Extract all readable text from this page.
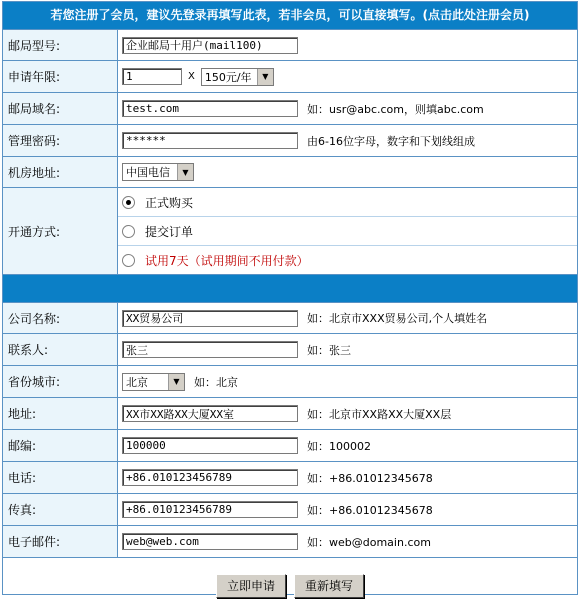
若您注册了会员，建议先登录再填写此表，若非会员，可以直接填写。(点击此处注册会员)
邮局型号:	企业邮局十用户(mail100)
申请年限:	1	X 150元/年	▼
邮局域名:	test.com	如：usr@abc.com，则填abc.com
管理密码:	******	由6-16位字母，数字和下划线组成
机房地址:	中国电信	▼
开通方式:
正式购买
提交订单
试用7天（试用期间不用付款）
公司名称:	XX贸易公司	如：北京市XXX贸易公司,个人填姓名
联系人:	张三	如：张三
省份城市:	北京	▼	如：北京
地址:	XX市XX路XX大厦XX室	如：北京市XX路XX大厦XX层
邮编:	100000	如：100002
电话:	+86.010123456789	如：+86.01012345678
传真:	+86.010123456789	如：+86.01012345678
电子邮件:	web@web.com	如：web@domain.com
立即申请	重新填写
